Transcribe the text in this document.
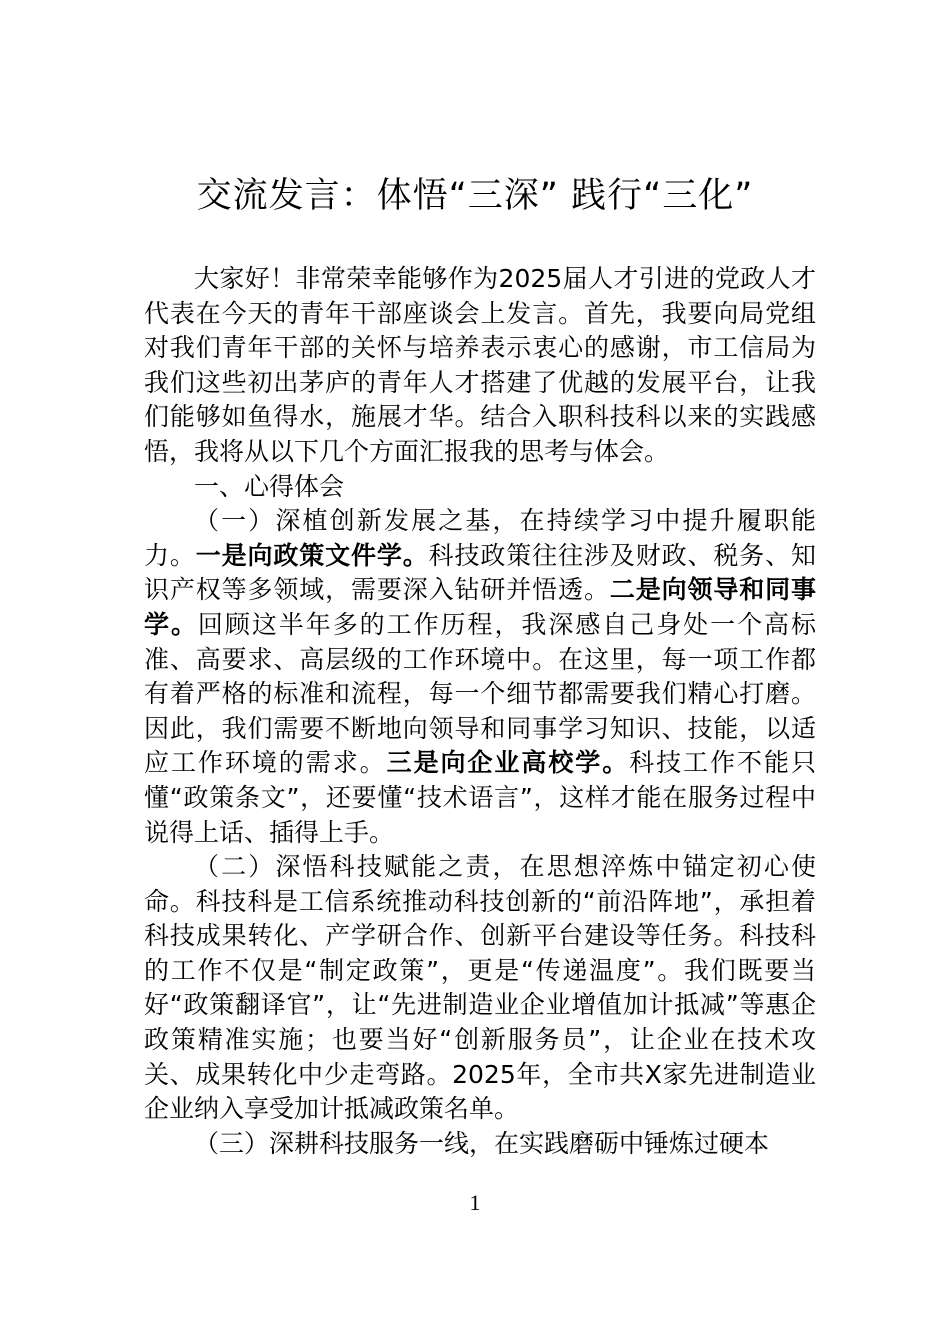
交流发言：体悟“三深” 践行“三化”

大家好！非常荣幸能够作为2025届人才引进的党政人才代表在今天的青年干部座谈会上发言。首先，我要向局党组对我们青年干部的关怀与培养表示衷心的感谢，市工信局为我们这些初出茅庐的青年人才搭建了优越的发展平台，让我们能够如鱼得水，施展才华。结合入职科技科以来的实践感悟，我将从以下几个方面汇报我的思考与体会。

一、心得体会

（一）深植创新发展之基，在持续学习中提升履职能力。一是向政策文件学。科技政策往往涉及财政、税务、知识产权等多领域，需要深入钻研并悟透。二是向领导和同事学。回顾这半年多的工作历程，我深感自己身处一个高标准、高要求、高层级的工作环境中。在这里，每一项工作都有着严格的标准和流程，每一个细节都需要我们精心打磨。因此，我们需要不断地向领导和同事学习知识、技能，以适应工作环境的需求。三是向企业高校学。科技工作不能只懂“政策条文”，还要懂“技术语言”，这样才能在服务过程中说得上话、插得上手。

（二）深悟科技赋能之责，在思想淬炼中锚定初心使命。科技科是工信系统推动科技创新的“前沿阵地”，承担着科技成果转化、产学研合作、创新平台建设等任务。科技科的工作不仅是“制定政策”，更是“传递温度”。我们既要当好“政策翻译官”，让“先进制造业企业增值加计抵减”等惠企政策精准实施；也要当好“创新服务员”，让企业在技术攻关、成果转化中少走弯路。2025年，全市共X家先进制造业企业纳入享受加计抵减政策名单。

（三）深耕科技服务一线，在实践磨砺中锤炼过硬本

1
